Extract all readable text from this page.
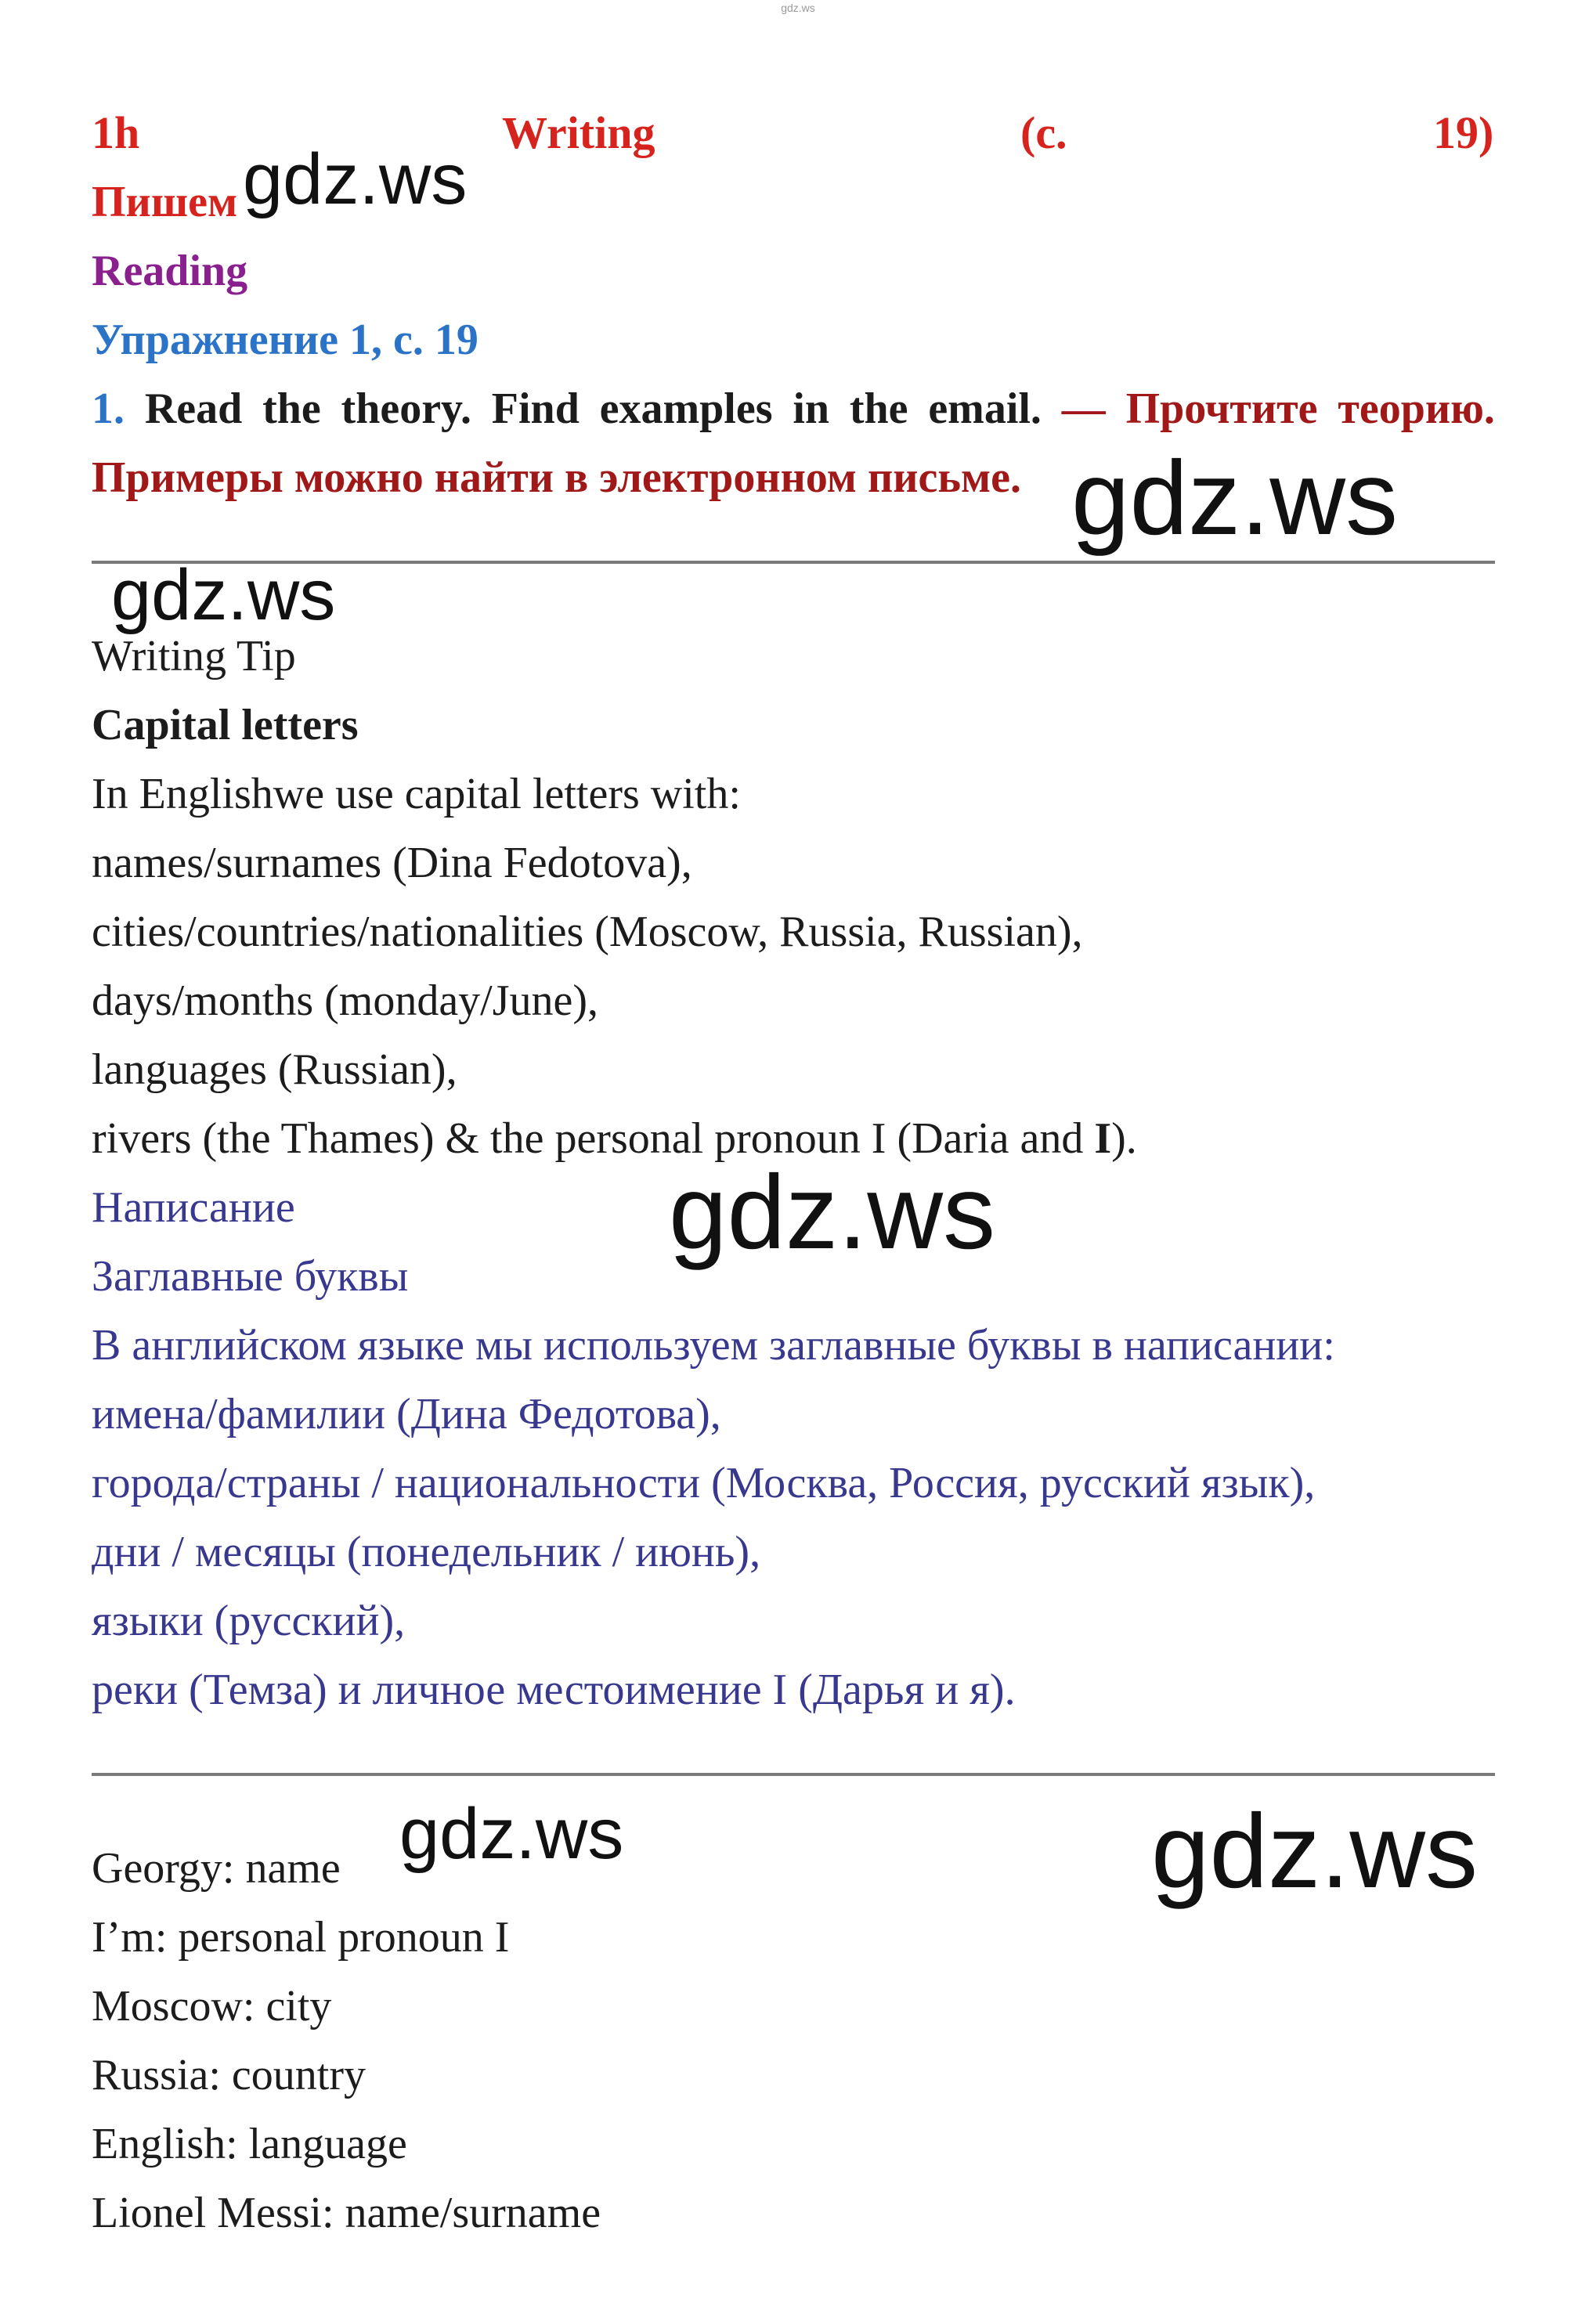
gdz.ws
1h	Writing	(c.	19)
Пишем
Reading
Упражнение 1, с. 19
1. Read the theory. Find examples in the email. — Прочтите теорию.
Примеры можно найти в электронном письме.
Writing Tip
Capital letters
In Englishwe use capital letters with:
names/surnames (Dina Fedotova),
cities/countries/nationalities (Moscow, Russia, Russian),
days/months (monday/June),
languages (Russian),
rivers (the Thames) & the personal pronoun I (Daria and I).
Написание
Заглавные буквы
В английском языке мы используем заглавные буквы в написании:
имена/фамилии (Дина Федотова),
города/страны / национальности (Москва, Россия, русский язык),
дни / месяцы (понедельник / июнь),
языки (русский),
реки (Темза) и личное местоимение I (Дарья и я).
Georgy: name
I’m: personal pronoun I
Moscow: city
Russia: country
English: language
Lionel Messi: name/surname
gdz.ws
gdz.ws
gdz.ws
gdz.ws
gdz.ws	gdz.ws
